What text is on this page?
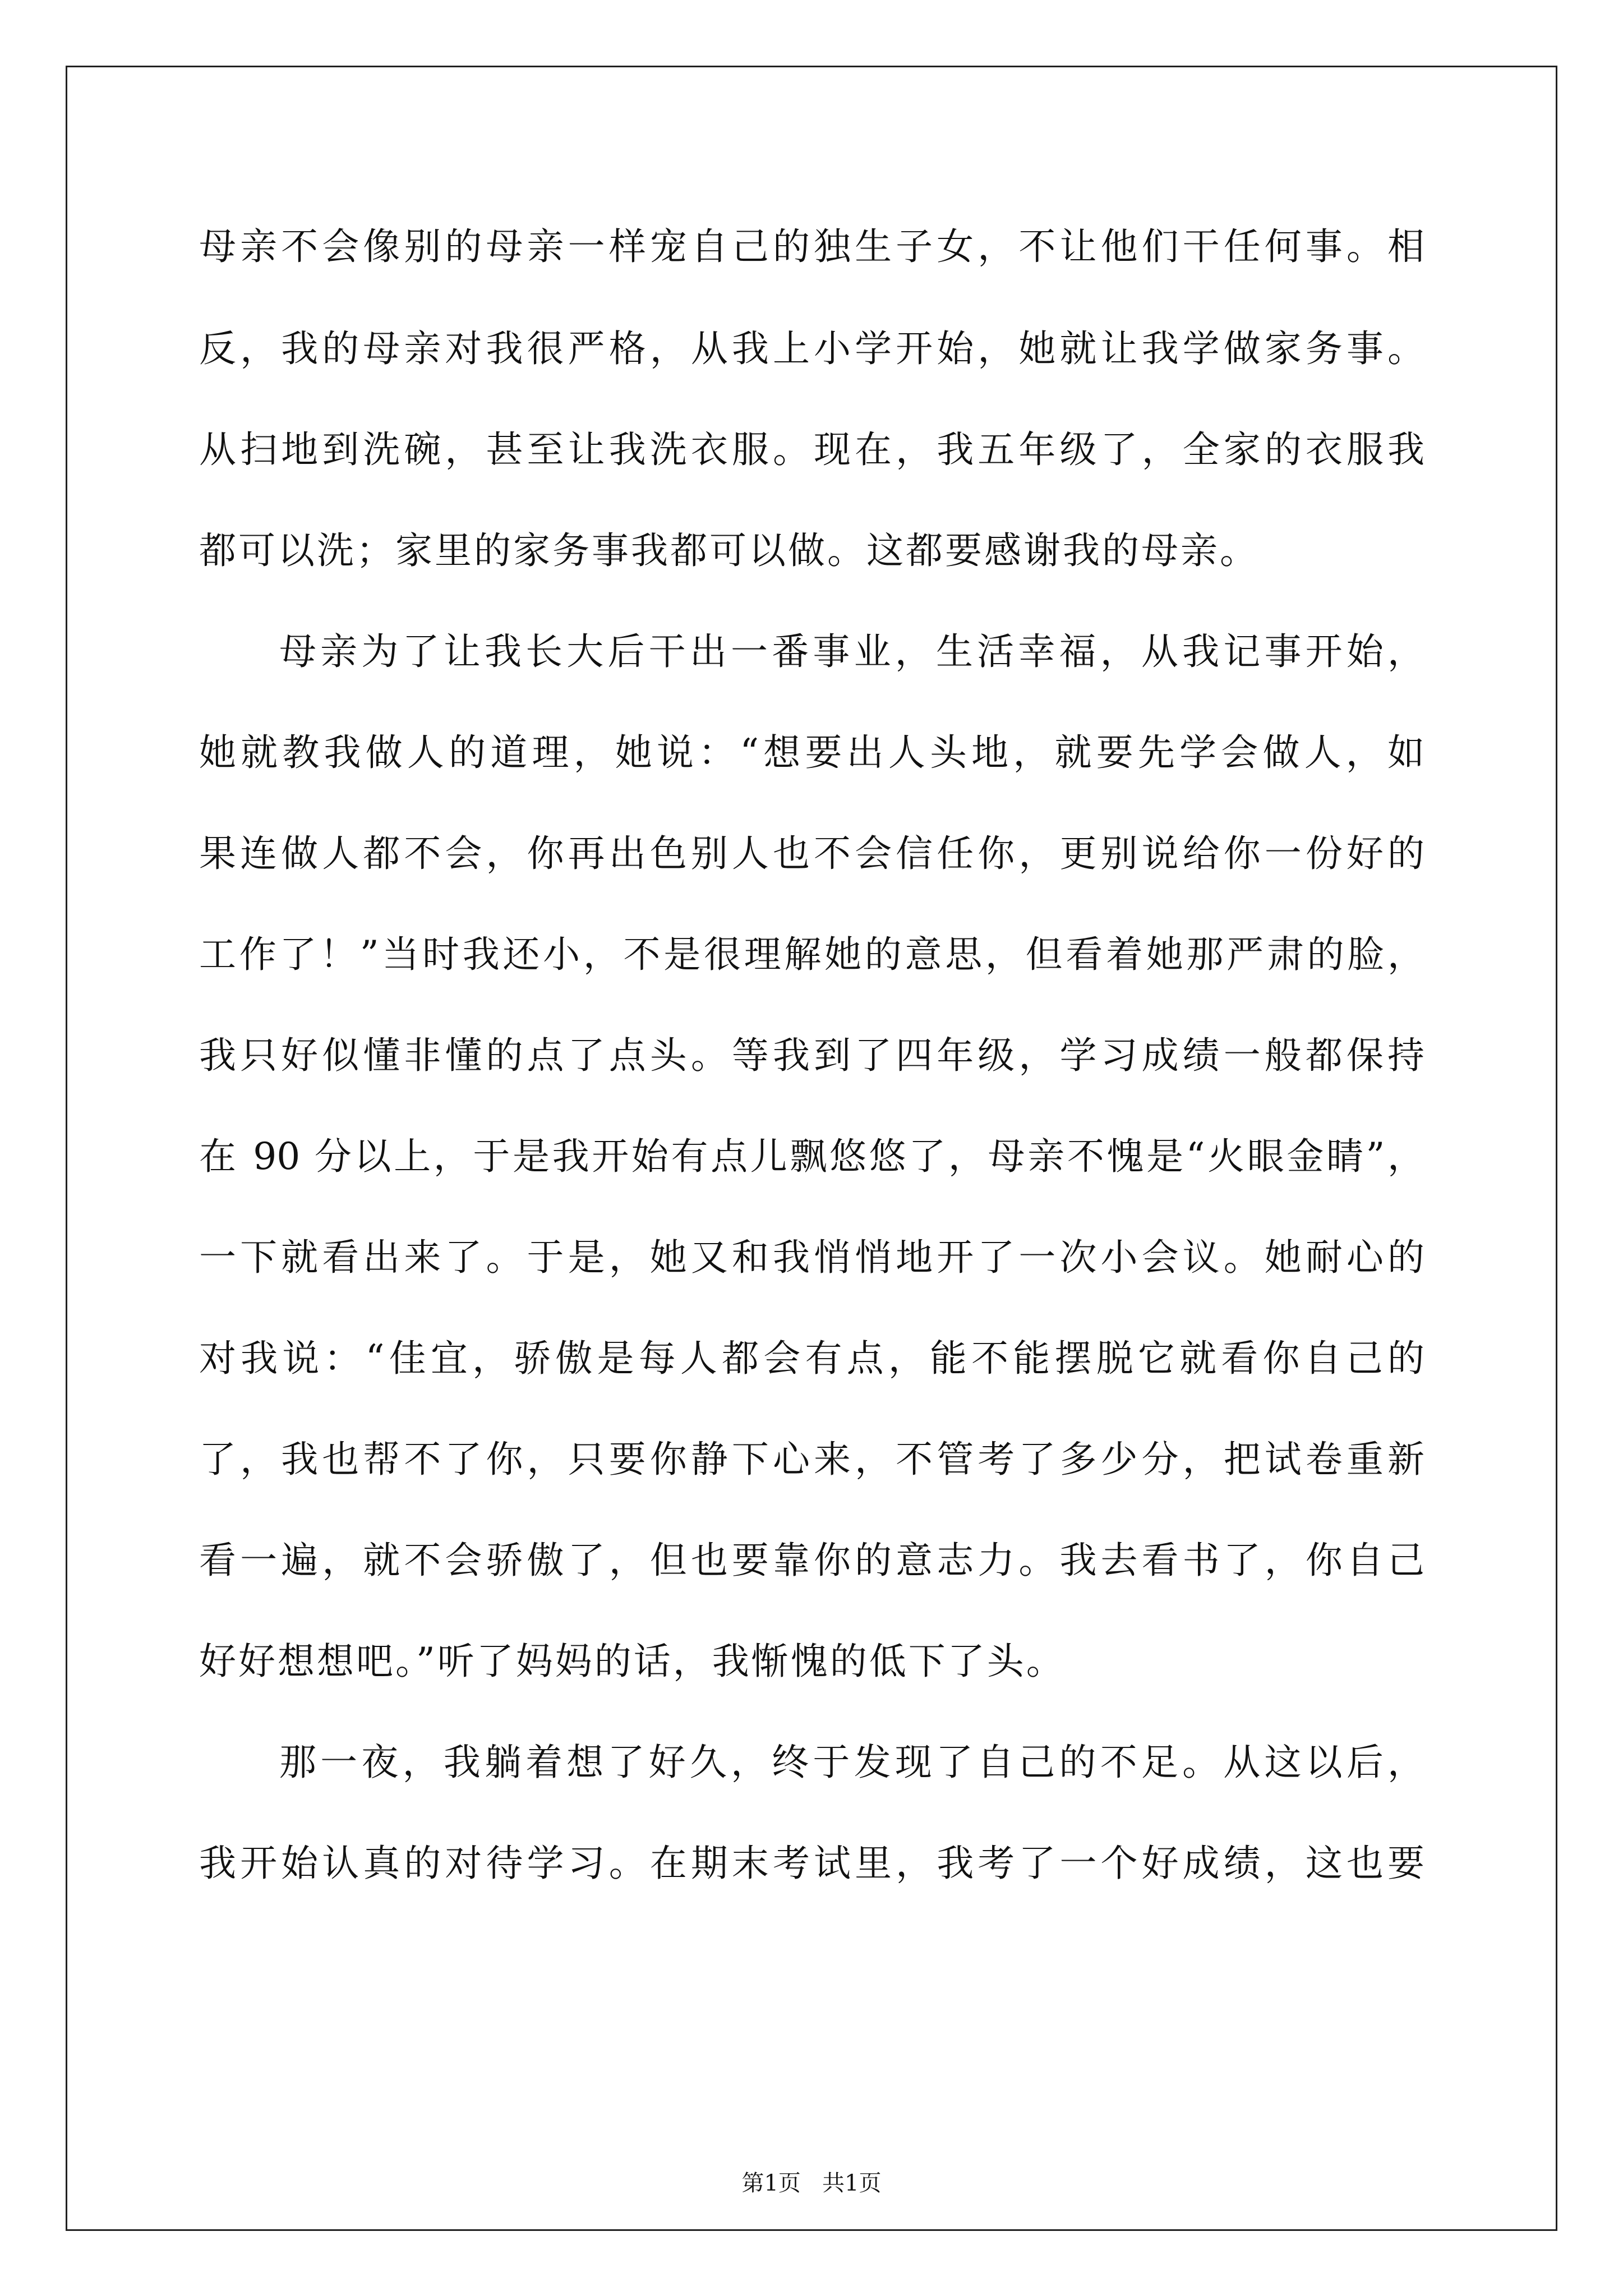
母亲不会像别的母亲一样宠自己的独生子女，不让他们干任何事。相
反，我的母亲对我很严格，从我上小学开始，她就让我学做家务事。
从扫地到洗碗，甚至让我洗衣服。现在，我五年级了，全家的衣服我
都可以洗；家里的家务事我都可以做。这都要感谢我的母亲。
母亲为了让我长大后干出一番事业，生活幸福，从我记事开始，
她就教我做人的道理，她说：“想要出人头地，就要先学会做人，如
果连做人都不会，你再出色别人也不会信任你，更别说给你一份好的
工作了！”当时我还小，不是很理解她的意思，但看着她那严肃的脸，
我只好似懂非懂的点了点头。等我到了四年级，学习成绩一般都保持
在 90 分以上，于是我开始有点儿飘悠悠了，母亲不愧是“火眼金睛”，
一下就看出来了。于是，她又和我悄悄地开了一次小会议。她耐心的
对我说：“佳宜，骄傲是每人都会有点，能不能摆脱它就看你自己的
了，我也帮不了你，只要你静下心来，不管考了多少分，把试卷重新
看一遍，就不会骄傲了，但也要靠你的意志力。我去看书了，你自己
好好想想吧。”听了妈妈的话，我惭愧的低下了头。
那一夜，我躺着想了好久，终于发现了自己的不足。从这以后，
我开始认真的对待学习。在期末考试里，我考了一个好成绩，这也要
第1页   共1页
